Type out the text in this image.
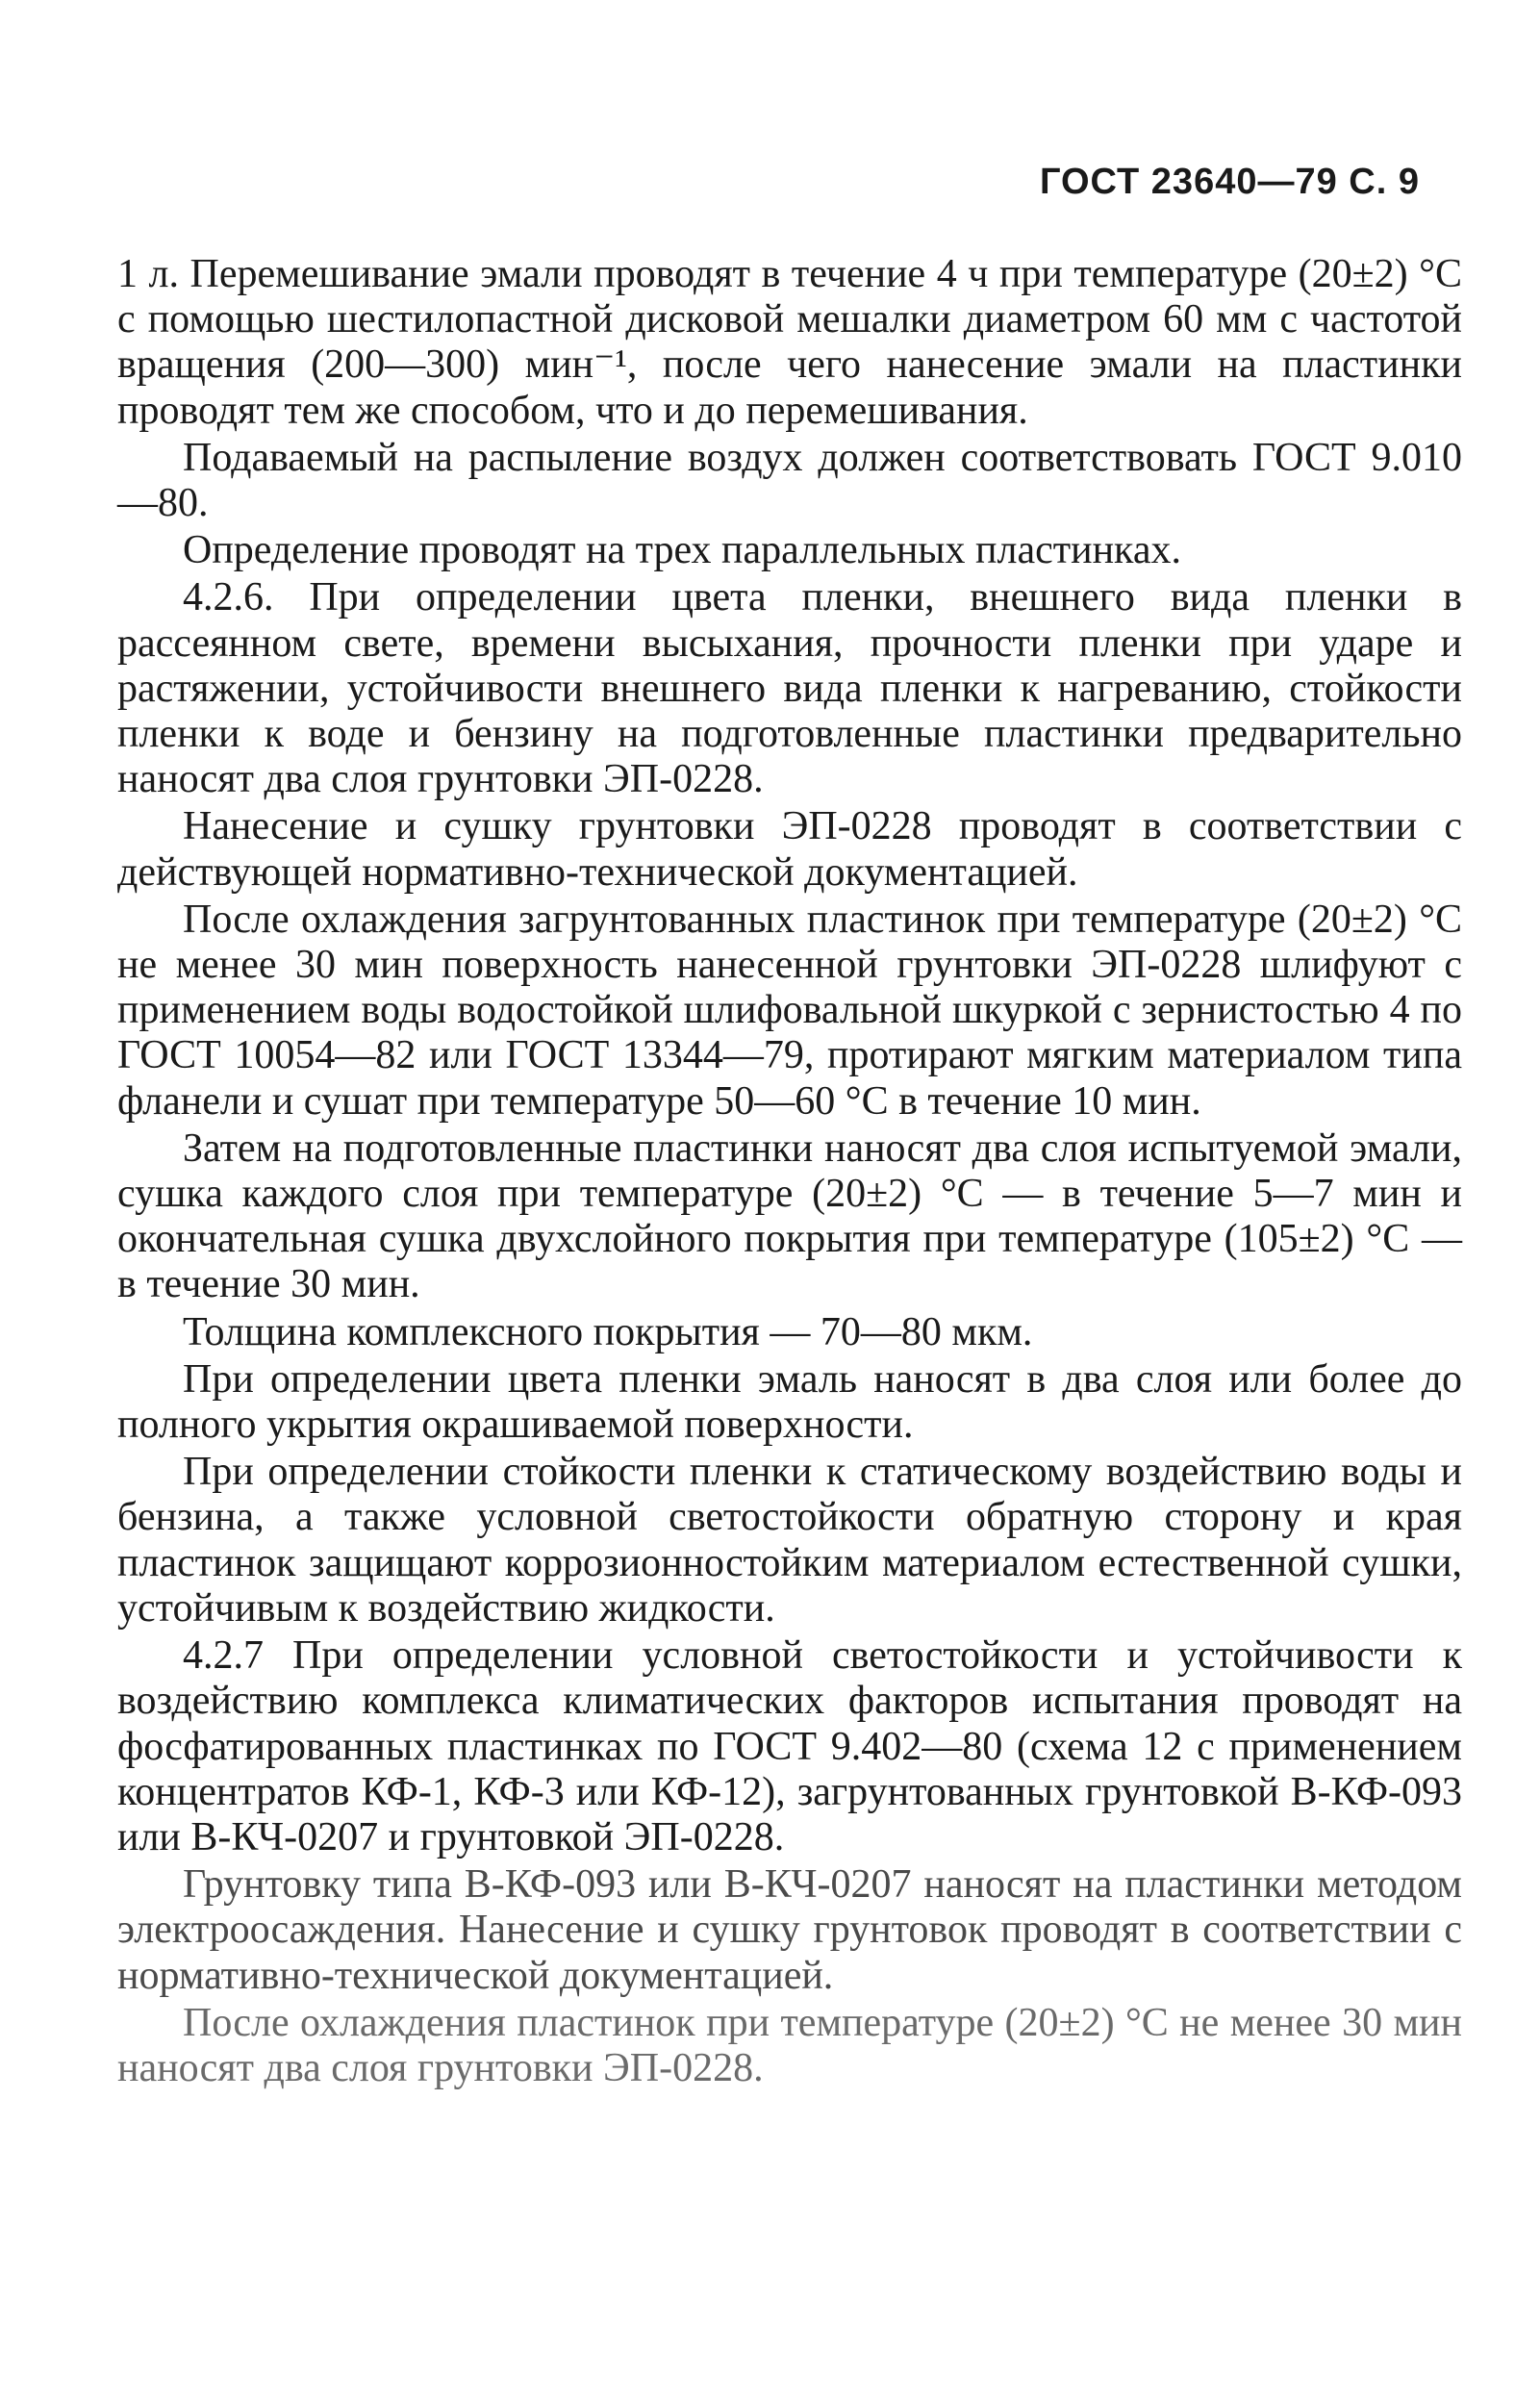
ГОСТ 23640—79 С. 9

1 л. Перемешивание эмали проводят в течение 4 ч при температуре (20±2) °С с помощью шестилопастной дисковой мешалки диаметром 60 мм с частотой вращения (200—300) мин⁻¹, после чего нанесение эмали на пластинки проводят тем же способом, что и до перемешивания.

Подаваемый на распыление воздух должен соответствовать ГОСТ 9.010—80.

Определение проводят на трех параллельных пластинках.

4.2.6. При определении цвета пленки, внешнего вида пленки в рассеянном свете, времени высыхания, прочности пленки при ударе и растяжении, устойчивости внешнего вида пленки к нагреванию, стойкости пленки к воде и бензину на подготовленные пластинки предварительно наносят два слоя грунтовки ЭП-0228.

Нанесение и сушку грунтовки ЭП-0228 проводят в соответствии с действующей нормативно-технической документацией.

После охлаждения загрунтованных пластинок при температуре (20±2) °С не менее 30 мин поверхность нанесенной грунтовки ЭП-0228 шлифуют с применением воды водостойкой шлифовальной шкуркой с зернистостью 4 по ГОСТ 10054—82 или ГОСТ 13344—79, протирают мягким материалом типа фланели и сушат при температуре 50—60 °С в течение 10 мин.

Затем на подготовленные пластинки наносят два слоя испытуемой эмали, сушка каждого слоя при температуре (20±2) °С — в течение 5—7 мин и окончательная сушка двухслойного покрытия при температуре (105±2) °С — в течение 30 мин.

Толщина комплексного покрытия — 70—80 мкм.

При определении цвета пленки эмаль наносят в два слоя или более до полного укрытия окрашиваемой поверхности.

При определении стойкости пленки к статическому воздействию воды и бензина, а также условной светостойкости обратную сторону и края пластинок защищают коррозионностойким материалом естественной сушки, устойчивым к воздействию жидкости.

4.2.7 При определении условной светостойкости и устойчивости к воздействию комплекса климатических факторов испытания проводят на фосфатированных пластинках по ГОСТ 9.402—80 (схема 12 с применением концентратов КФ-1, КФ-3 или КФ-12), загрунтованных грунтовкой В-КФ-093 или В-КЧ-0207 и грунтовкой ЭП-0228.

Грунтовку типа В-КФ-093 или В-КЧ-0207 наносят на пластинки методом электроосаждения. Нанесение и сушку грунтовок проводят в соответствии с нормативно-технической документацией.

После охлаждения пластинок при температуре (20±2) °С не менее 30 мин наносят два слоя грунтовки ЭП-0228.
